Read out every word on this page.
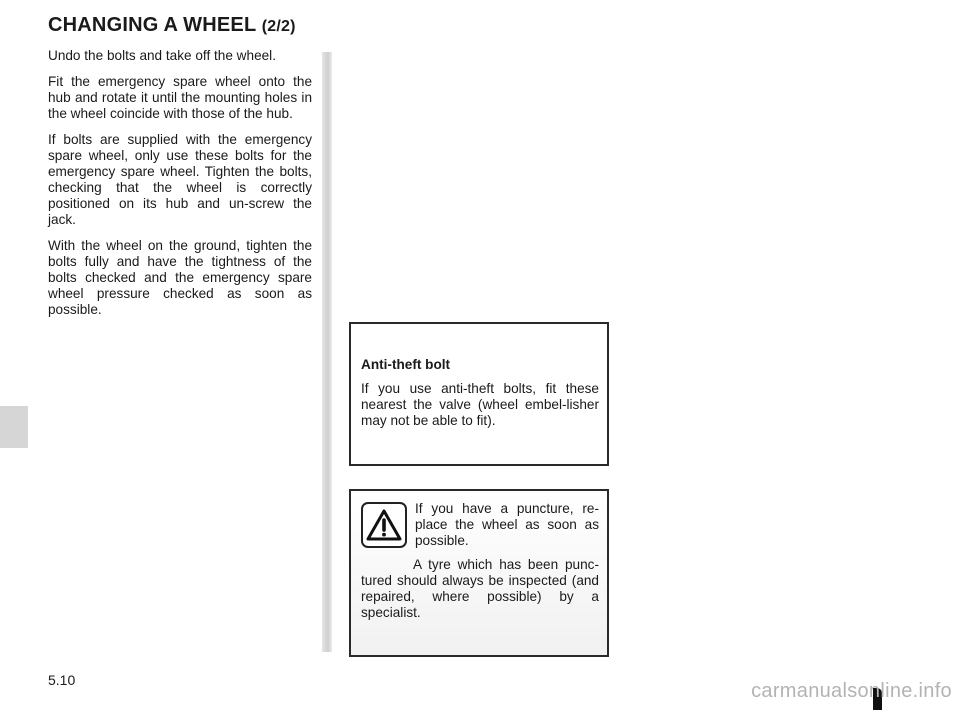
CHANGING A WHEEL (2/2)

Undo the bolts and take off the wheel.

Fit the emergency spare wheel onto the hub and rotate it until the mounting holes in the wheel coincide with those of the hub.

If bolts are supplied with the emergency spare wheel, only use these bolts for the emergency spare wheel. Tighten the bolts, checking that the wheel is correctly positioned on its hub and un-screw the jack.

With the wheel on the ground, tighten the bolts fully and have the tightness of the bolts checked and the emergency spare wheel pressure checked as soon as possible.

Anti-theft bolt

If you use anti-theft bolts, fit these nearest the valve (wheel embel-lisher may not be able to fit).

If you have a puncture, re-place the wheel as soon as possible.

A tyre which has been punc-tured should always be inspected (and repaired, where possible) by a specialist.

5.10	carmanualsonline.info
